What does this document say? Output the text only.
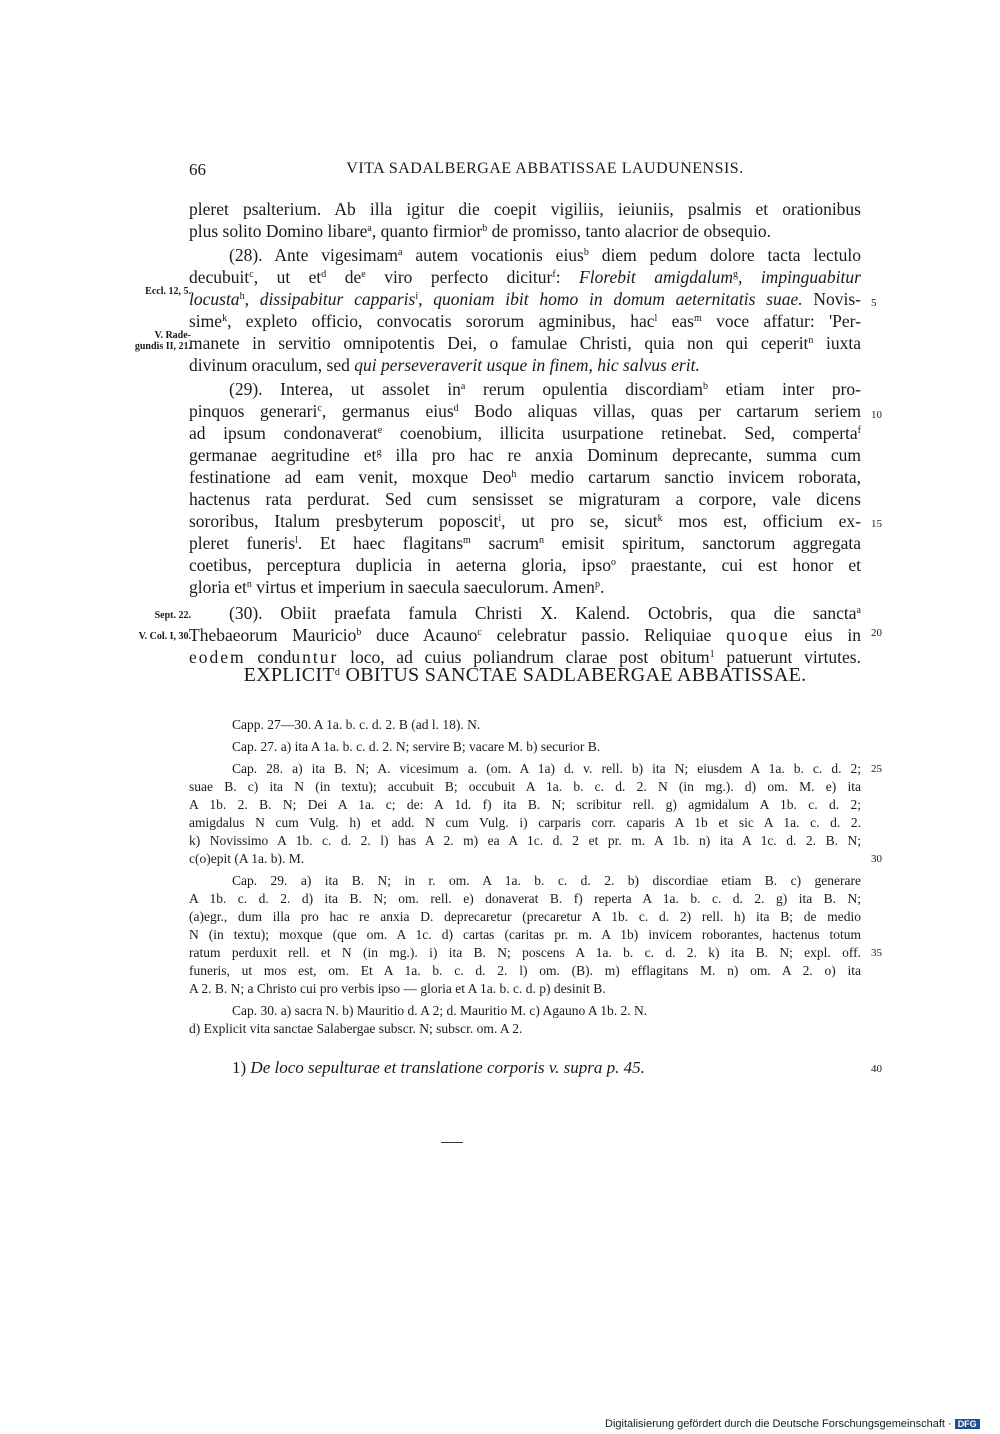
66	VITA SADALBERGAE ABBATISSAE LAUDUNENSIS.
Eccl. 12, 5.
V. Rade-
gundis II, 21.
Sept. 22.
V. Col. I, 30.
5
10
15
20
pleret psalterium. Ab illa igitur die coepit vigiliis, ieiuniis, psalmis et orationibus
plus solito Domino libare$^a$, quanto firmior$^b$ de promisso, tanto alacrior de obsequio.
(28). Ante vigesimam$^a$ autem vocationis eius$^b$ diem pedum dolore tacta lectulo
decubuit$^c$, ut $et^d$ $de^e$ viro perfecto dicitur$^f$: Florebit amigdalum$^g$, impinguabitur
locusta$^h$, dissipabitur capparis$^i$, quoniam ibit homo in domum aeternitatis suae. Novis-
sime$^k$, expleto officio, convocatis sororum agminibus, hac$^l$ eas$^m$ voce affatur: 'Per-
manete in servitio omnipotentis Dei, o famulae Christi, quia non qui ceperit$^n$ iuxta
divinum oraculum, sed qui perseveraverit usque in finem, hic salvus erit.
(29). Interea, ut assolet $in^a$ rerum opulentia discordiam$^b$ etiam inter pro-
pinquos generari$^c$, germanus eius$^d$ Bodo aliquas villas, quas per cartarum seriem
ad ipsum condonaverat$^e$ coenobium, illicita usurpatione retinebat. Sed, comperta$^f$
germanae aegritudine $et^g$ illa pro hac re anxia Dominum deprecante, summa cum
festinatione ad eam venit, moxque Deo$^h$ medio cartarum sanctio invicem roborata,
hactenus rata perdurat. Sed cum sensisset se migraturam a corpore, vale dicens
sororibus, Italum presbyterum poposcit$^i$, ut pro se, sicut$^k$ mos est, officium ex-
pleret funeris$^l$. Et haec flagitans$^m$ sacrum$^n$ emisit spiritum, sanctorum aggregata
coetibus, perceptura duplicia in aeterna gloria, ipso$^o$ praestante, cui est honor et
gloria $et^n$ virtus et imperium in saecula saeculorum. Amen$^p$.
(30). Obiit praefata famula Christi X. Kalend. Octobris, qua die sancta$^a$
Thebaeorum Mauricio$^b$ duce Acauno$^c$ celebratur passio. Reliquiae quoque eius in
eodem conduntur loco, ad cuius poliandrum clarae post obitum$^1$ patuerunt virtutes.
EXPLICIT$^d$ OBITUS SANCTAE SADLABERGAE ABBATISSAE.
Capp. 27—30. A 1a. b. c. d. 2. B (ad l. 18). N.
Cap. 27. a) ita A 1a. b. c. d. 2. N; servire B; vacare M. b) securior B.
Cap. 28. a) ita B. N; A. vicesimum a. (om. A 1a) d. v. rell. b) ita N; eiusdem A 1a. b. c. d. 2;
suae B. c) ita N (in textu); accubuit B; occubuit A 1a. b. c. d. 2. N (in mg.). d) om. M. e) ita
A 1b. 2. B. N; Dei A 1a. c; de: A 1d. f) ita B. N; scribitur rell. g) agmidalum A 1b. c. d. 2;
amigdalus N cum Vulg. h) et add. N cum Vulg. i) carparis corr. caparis A 1b et sic A 1a. c. d. 2.
k) Novissimo A 1b. c. d. 2. l) has A 2. m) ea A 1c. d. 2 et pr. m. A 1b. n) ita A 1c. d. 2. B. N;
c(o)epit (A 1a. b). M.
Cap. 29. a) ita B. N; in r. om. A 1a. b. c. d. 2. b) discordiae etiam B. c) generare
A 1b. c. d. 2. d) ita B. N; om. rell. e) donaverat B. f) reperta A 1a. b. c. d. 2. g) ita B. N;
(a)egr., dum illa pro hac re anxia D. deprecaretur (precaretur A 1b. c. d. 2) rell. h) ita B; de medio
N (in textu); moxque (que om. A 1c. d) cartas (caritas pr. m. A 1b) invicem roborantes, hactenus totum
ratum perduxit rell. et N (in mg.). i) ita B. N; poscens A 1a. b. c. d. 2. k) ita B. N; expl. off.
funeris, ut mos est, om. Et A 1a. b. c. d. 2. l) om. (B). m) efflagitans M. n) om. A 2. o) ita
A 2. B. N; a Christo cui pro verbis ipso — gloria et A 1a. b. c. d. p) desinit B.
Cap. 30. a) sacra N. b) Mauritio d. A 2; d. Mauritio M. c) Agauno A 1b. 2. N.
d) Explicit vita sanctae Salabergae subscr. N; subscr. om. A 2.
25
30
35
40
1) De loco sepulturae et translatione corporis v. supra p. 45.
Digitalisierung gefördert durch die Deutsche Forschungsgemeinschaft · DFG
